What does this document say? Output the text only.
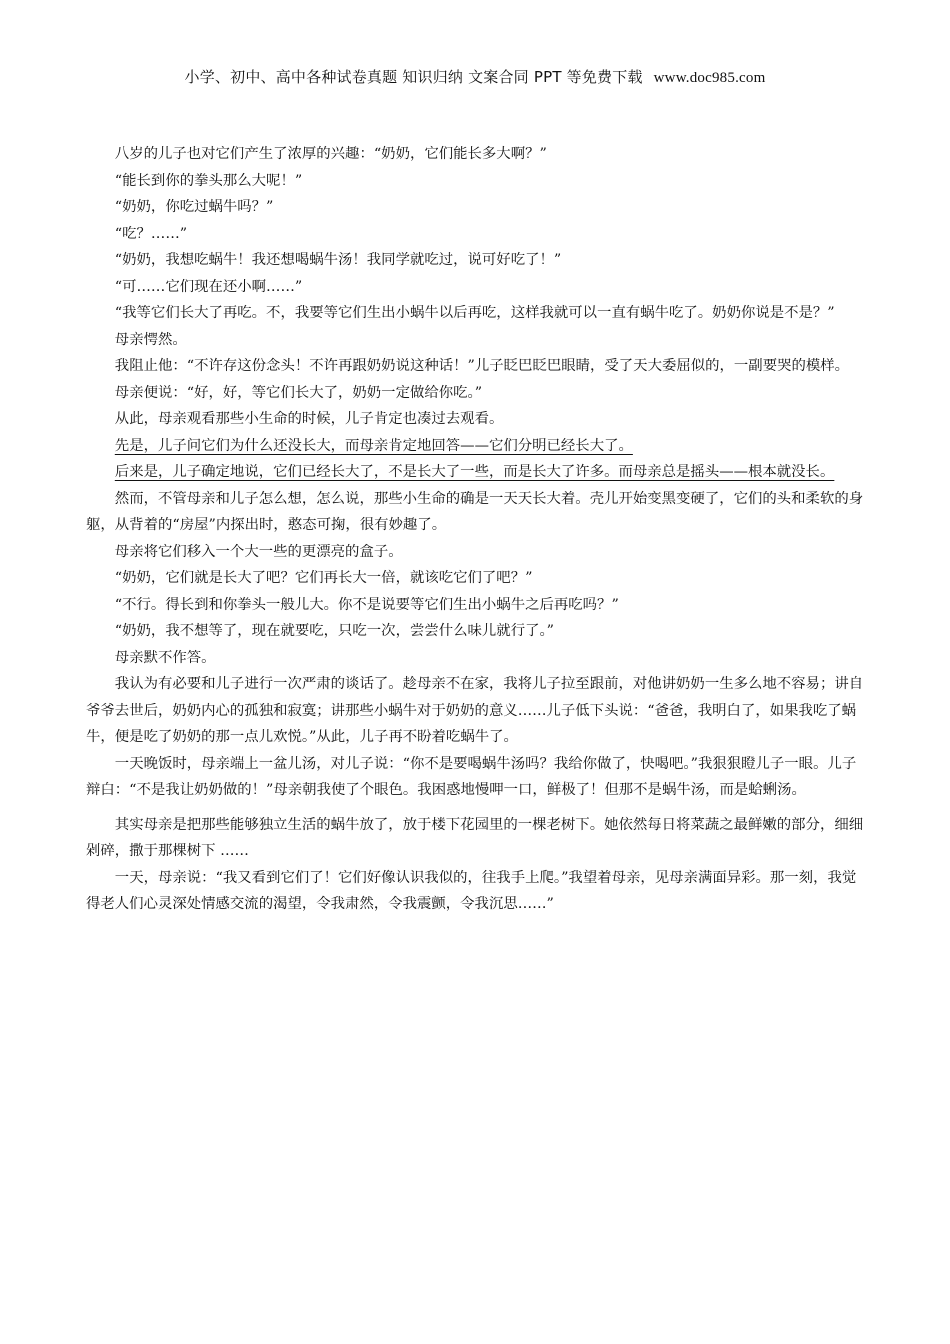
小学、初中、高中各种试卷真题 知识归纳 文案合同 PPT 等免费下载 www.doc985.com

八岁的儿子也对它们产生了浓厚的兴趣：“奶奶，它们能长多大啊？”

“能长到你的拳头那么大呢！”

“奶奶，你吃过蜗牛吗？”

“吃？……”

“奶奶，我想吃蜗牛！我还想喝蜗牛汤！我同学就吃过，说可好吃了！”

“可……它们现在还小啊……”

“我等它们长大了再吃。不，我要等它们生出小蜗牛以后再吃，这样我就可以一直有蜗牛吃了。奶奶你说是不是？”

母亲愕然。

我阻止他：“不许存这份念头！不许再跟奶奶说这种话！”儿子眨巴眨巴眼睛，受了天大委屈似的，一副要哭的模样。

母亲便说：“好，好，等它们长大了，奶奶一定做给你吃。”

从此，母亲观看那些小生命的时候，儿子肯定也凑过去观看。

先是，儿子问它们为什么还没长大，而母亲肯定地回答——它们分明已经长大了。

后来是，儿子确定地说，它们已经长大了，不是长大了一些，而是长大了许多。而母亲总是摇头——根本就没长。

然而，不管母亲和儿子怎么想，怎么说，那些小生命的确是一天天长大着。壳儿开始变黑变硬了，它们的头和柔软的身躯，从背着的“房屋”内探出时，憨态可掬，很有妙趣了。

母亲将它们移入一个大一些的更漂亮的盒子。

“奶奶，它们就是长大了吧？它们再长大一倍，就该吃它们了吧？”

“不行。得长到和你拳头一般儿大。你不是说要等它们生出小蜗牛之后再吃吗？”

“奶奶，我不想等了，现在就要吃，只吃一次，尝尝什么味儿就行了。”

母亲默不作答。

我认为有必要和儿子进行一次严肃的谈话了。趁母亲不在家，我将儿子拉至跟前，对他讲奶奶一生多么地不容易；讲自爷爷去世后，奶奶内心的孤独和寂寞；讲那些小蜗牛对于奶奶的意义……儿子低下头说：“爸爸，我明白了，如果我吃了蜗牛，便是吃了奶奶的那一点儿欢悦。”从此，儿子再不盼着吃蜗牛了。

一天晚饭时，母亲端上一盆儿汤，对儿子说：“你不是要喝蜗牛汤吗？我给你做了，快喝吧。”我狠狠瞪儿子一眼。儿子辩白：“不是我让奶奶做的！”母亲朝我使了个眼色。我困惑地慢呷一口，鲜极了！但那不是蜗牛汤，而是蛤蜊汤。

其实母亲是把那些能够独立生活的蜗牛放了，放于楼下花园里的一棵老树下。她依然每日将菜蔬之最鲜嫩的部分，细细剁碎，撒于那棵树下 ……

一天，母亲说：“我又看到它们了！它们好像认识我似的，往我手上爬。”我望着母亲，见母亲满面异彩。那一刻，我觉得老人们心灵深处情感交流的渴望，令我肃然，令我震颤，令我沉思……”
